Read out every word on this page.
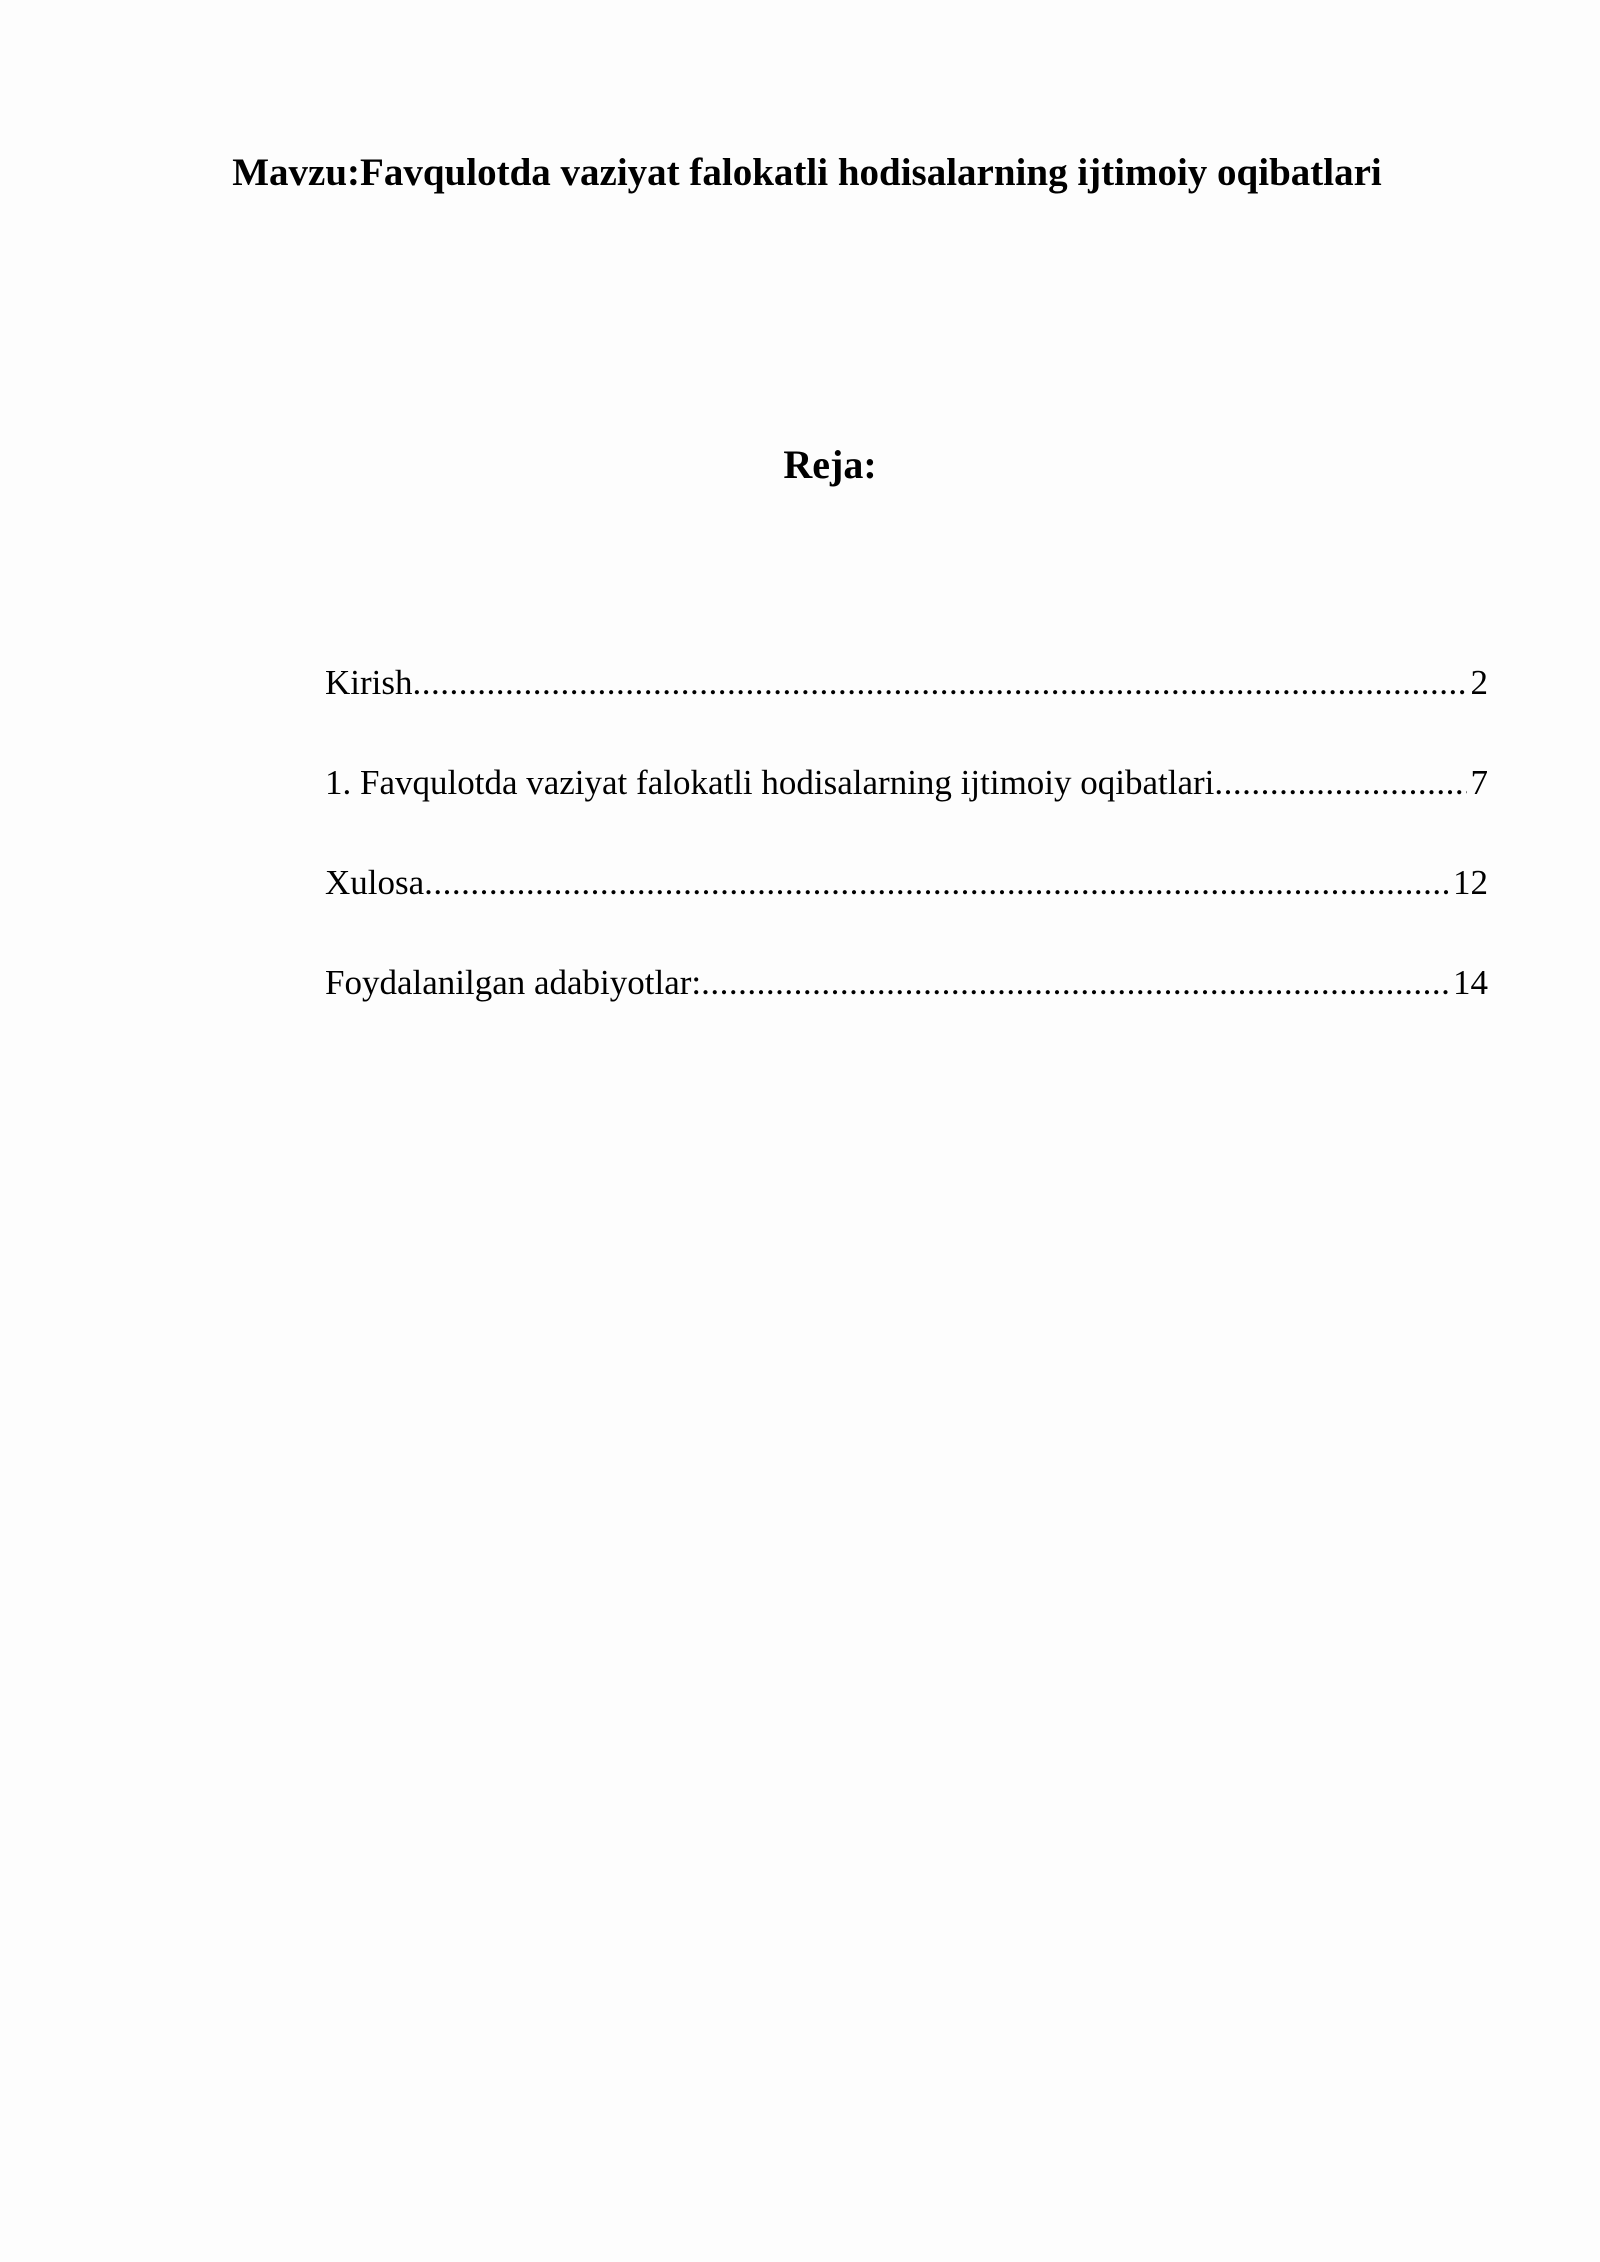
Mavzu:Favqulotda vaziyat falokatli hodisalarning ijtimoiy oqibatlari
Reja:
Kirish .....	2
1. Favqulotda vaziyat falokatli hodisalarning ijtimoiy oqibatlari .....	7
Xulosa .....	12
Foydalanilgan adabiyotlar: .....	14
